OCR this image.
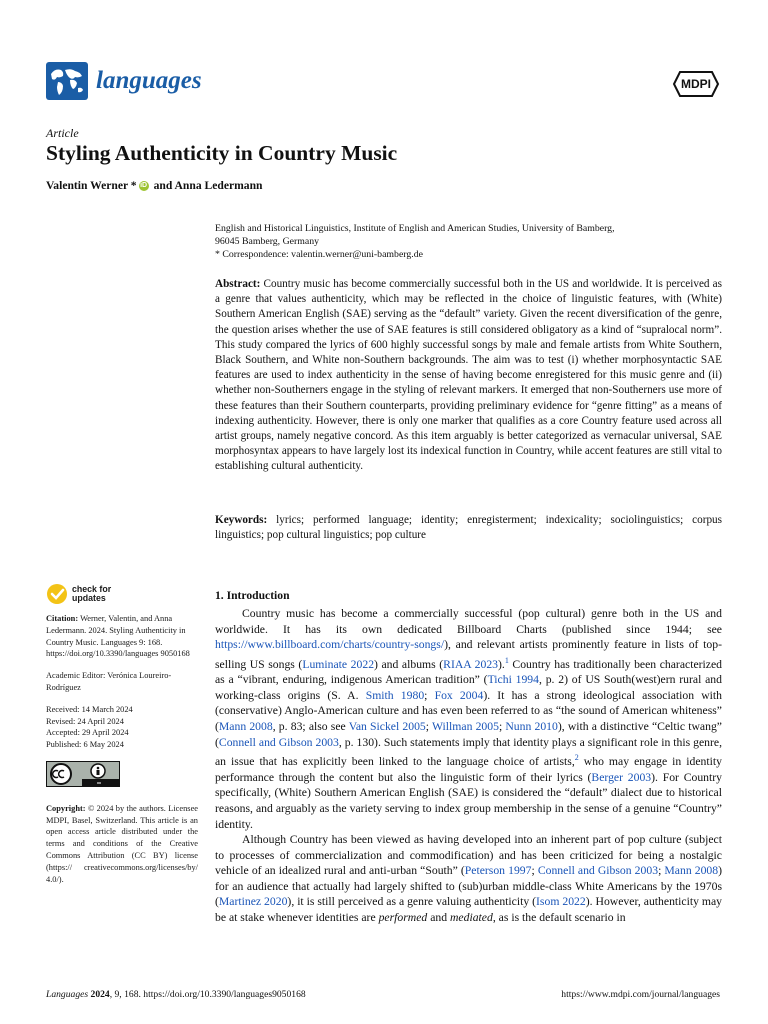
languages	MDPI
Article
Styling Authenticity in Country Music
Valentin Werner * iD and Anna Ledermann
English and Historical Linguistics, Institute of English and American Studies, University of Bamberg,
96045 Bamberg, Germany
* Correspondence: valentin.werner@uni-bamberg.de

Abstract: Country music has become commercially successful both in the US and worldwide. It is perceived as a genre that values authenticity, which may be reflected in the choice of linguistic features, with (White) Southern American English (SAE) serving as the “default” variety. Given the recent diversification of the genre, the question arises whether the use of SAE features is still considered obligatory as a kind of “supralocal norm”. This study compared the lyrics of 600 highly successful songs by male and female artists from White Southern, Black Southern, and White non-Southern backgrounds. The aim was to test (i) whether morphosyntactic SAE features are used to index authenticity in the sense of having become enregistered for this music genre and (ii) whether non-Southerners engage in the styling of relevant markers. It emerged that non-Southerners use more of these features than their Southern counterparts, providing preliminary evidence for “genre fitting” as a means of indexing authenticity. However, there is only one marker that qualifies as a core Country feature used across all artist groups, namely negative concord. As this item arguably is better categorized as vernacular universal, SAE morphosyntax appears to have largely lost its indexical function in Country, while accent features are still vital to establishing cultural authenticity.

Keywords: lyrics; performed language; identity; enregisterment; indexicality; sociolinguistics; corpus linguistics; pop cultural linguistics; pop culture

check for
updates
Citation: Werner, Valentin, and Anna Ledermann. 2024. Styling Authenticity in Country Music. Languages 9: 168. https://doi.org/10.3390/languages 9050168
Academic Editor: Verónica Loureiro-Rodríguez
Received: 14 March 2024
Revised: 24 April 2024
Accepted: 29 April 2024
Published: 6 May 2024
Copyright: © 2024 by the authors. Licensee MDPI, Basel, Switzerland. This article is an open access article distributed under the terms and conditions of the Creative Commons Attribution (CC BY) license (https:// creativecommons.org/licenses/by/ 4.0/).
1. Introduction

Country music has become a commercially successful (pop cultural) genre both in the US and worldwide. It has its own dedicated Billboard Charts (published since 1944; see https://www.billboard.com/charts/country-songs/), and relevant artists prominently feature in lists of top-selling US songs (Luminate 2022) and albums (RIAA 2023).$^1$ Country has traditionally been characterized as a “vibrant, enduring, indigenous American tradition” (Tichi 1994, p. 2) of US South(west)ern rural and working-class origins (S. A. Smith 1980; Fox 2004). It has a strong ideological association with (conservative) Anglo-American culture and has even been referred to as “the sound of American whiteness” (Mann 2008, p. 83; also see Van Sickel 2005; Willman 2005; Nunn 2010), with a distinctive “Celtic twang” (Connell and Gibson 2003, p. 130). Such statements imply that identity plays a significant role in this genre, an issue that has explicitly been linked to the language choice of artists,$^2$ who may engage in identity performance through the content but also the linguistic form of their lyrics (Berger 2003). For Country specifically, (White) Southern American English (SAE) is considered the “default” dialect due to historical reasons, and arguably as the variety serving to index group membership in the sense of a genuine “Country” identity.

Although Country has been viewed as having developed into an inherent part of pop culture (subject to processes of commercialization and commodification) and has been criticized for being a nostalgic vehicle of an idealized rural and anti-urban “South” (Peterson 1997; Connell and Gibson 2003; Mann 2008) for an audience that actually had largely shifted to (sub)urban middle-class White Americans by the 1970s (Martinez 2020), it is still perceived as a genre valuing authenticity (Isom 2022). However, authenticity may be at stake whenever identities are performed and mediated, as is the default scenario in

Languages 2024, 9, 168. https://doi.org/10.3390/languages9050168	https://www.mdpi.com/journal/languages
